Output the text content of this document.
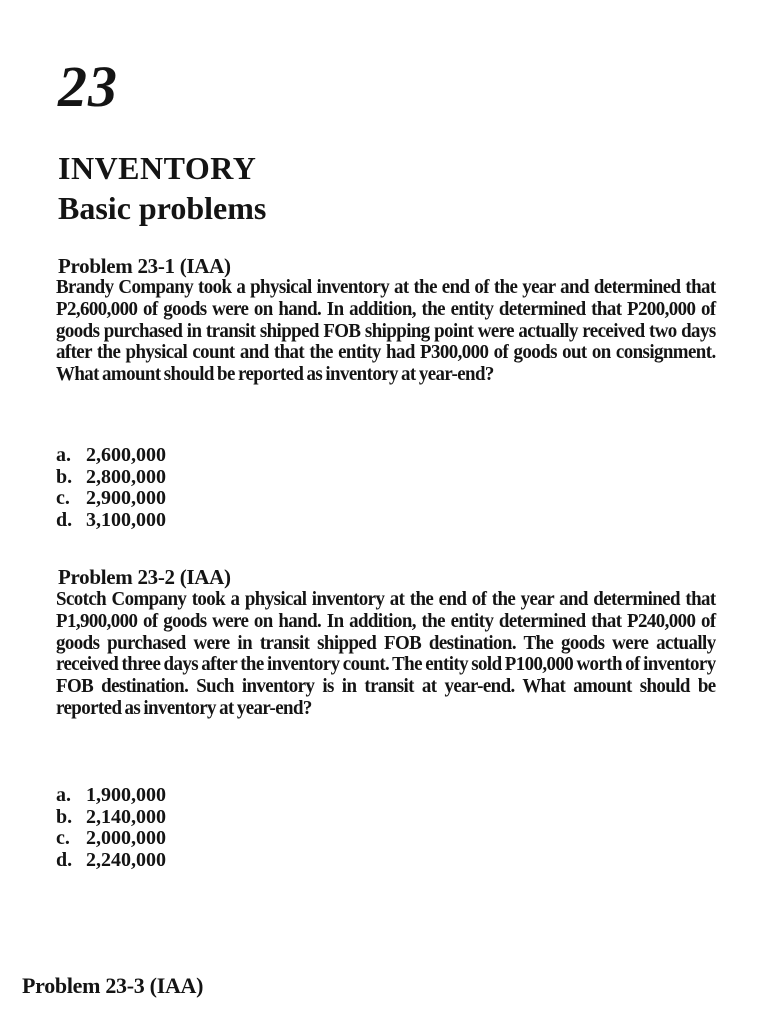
23
INVENTORY
Basic problems
Problem 23-1 (IAA)
Brandy Company took a physical inventory at the end of the year and determined that P2,600,000 of goods were on hand. In addition, the entity determined that P200,000 of goods purchased in transit shipped FOB shipping point were actually received two days after the physical count and that the entity had P300,000 of goods out on consignment. What amount should be reported as inventory at year-end?
a. 2,600,000
b. 2,800,000
c. 2,900,000
d. 3,100,000
Problem 23-2 (IAA)
Scotch Company took a physical inventory at the end of the year and determined that P1,900,000 of goods were on hand. In addition, the entity determined that P240,000 of goods purchased were in transit shipped FOB destination. The goods were actually received three days after the inventory count. The entity sold P100,000 worth of inventory FOB destination. Such inventory is in transit at year-end. What amount should be reported as inventory at year-end?
a. 1,900,000
b. 2,140,000
c. 2,000,000
d. 2,240,000
Problem 23-3 (IAA)
